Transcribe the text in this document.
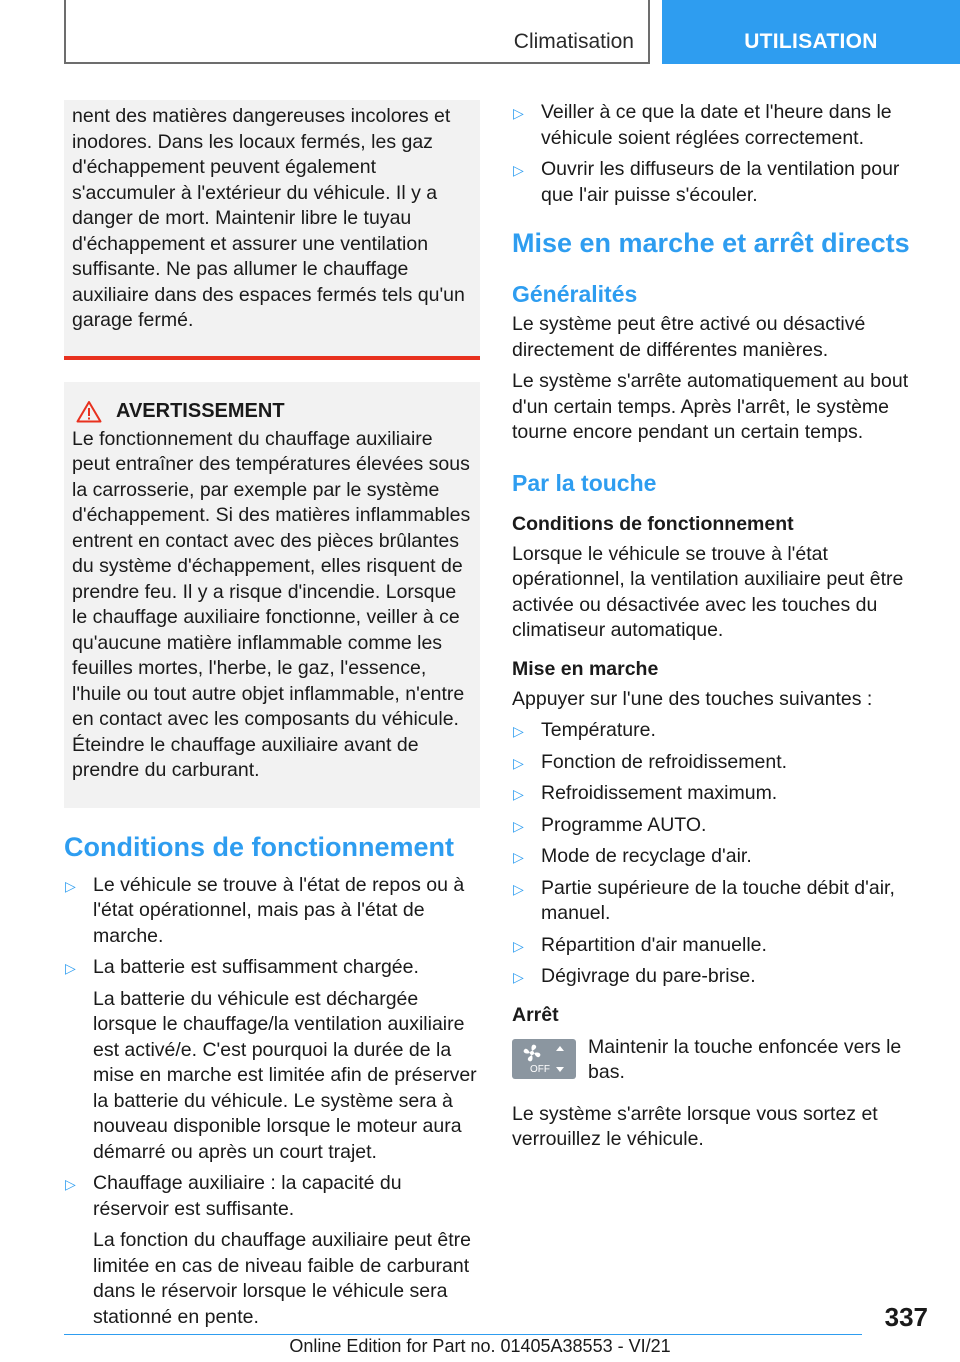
Climatisation	UTILISATION

nent des matières dangereuses incolores et inodores. Dans les locaux fermés, les gaz d'échappement peuvent également s'accumuler à l'extérieur du véhicule. Il y a danger de mort. Maintenir libre le tuyau d'échappement et assurer une ventilation suffisante. Ne pas allumer le chauffage auxiliaire dans des espaces fermés tels qu'un garage fermé.

AVERTISSEMENT

Le fonctionnement du chauffage auxiliaire peut entraîner des températures élevées sous la carrosserie, par exemple par le système d'échappement. Si des matières inflammables entrent en contact avec des pièces brûlantes du système d'échappement, elles risquent de prendre feu. Il y a risque d'incendie. Lorsque le chauffage auxiliaire fonctionne, veiller à ce qu'aucune matière inflammable comme les feuilles mortes, l'herbe, le gaz, l'essence, l'huile ou tout autre objet inflammable, n'entre en contact avec les composants du véhicule. Éteindre le chauffage auxiliaire avant de prendre du carburant.

Conditions de fonctionnement
▷ Le véhicule se trouve à l'état de repos ou à l'état opérationnel, mais pas à l'état de marche.
▷ La batterie est suffisamment chargée.
La batterie du véhicule est déchargée lorsque le chauffage/la ventilation auxiliaire est activé/e. C'est pourquoi la durée de la mise en marche est limitée afin de préserver la batterie du véhicule. Le système sera à nouveau disponible lorsque le moteur aura démarré ou après un court trajet.
▷ Chauffage auxiliaire : la capacité du réservoir est suffisante.
La fonction du chauffage auxiliaire peut être limitée en cas de niveau faible de carburant dans le réservoir lorsque le véhicule sera stationné en pente.
▷ Veiller à ce que la date et l'heure dans le véhicule soient réglées correctement.
▷ Ouvrir les diffuseurs de la ventilation pour que l'air puisse s'écouler.
Mise en marche et arrêt directs
Généralités

Le système peut être activé ou désactivé directement de différentes manières.

Le système s'arrête automatiquement au bout d'un certain temps. Après l'arrêt, le système tourne encore pendant un certain temps.

Par la touche
Conditions de fonctionnement

Lorsque le véhicule se trouve à l'état opérationnel, la ventilation auxiliaire peut être activée ou désactivée avec les touches du climatiseur automatique.

Mise en marche

Appuyer sur l'une des touches suivantes :

▷ Température.
▷ Fonction de refroidissement.
▷ Refroidissement maximum.
▷ Programme AUTO.
▷ Mode de recyclage d'air.
▷ Partie supérieure de la touche débit d'air, manuel.
▷ Répartition d'air manuelle.
▷ Dégivrage du pare-brise.
Arrêt
OFF

Maintenir la touche enfoncée vers le bas.

Le système s'arrête lorsque vous sortez et verrouillez le véhicule.

337
Online Edition for Part no. 01405A38553 - VI/21
